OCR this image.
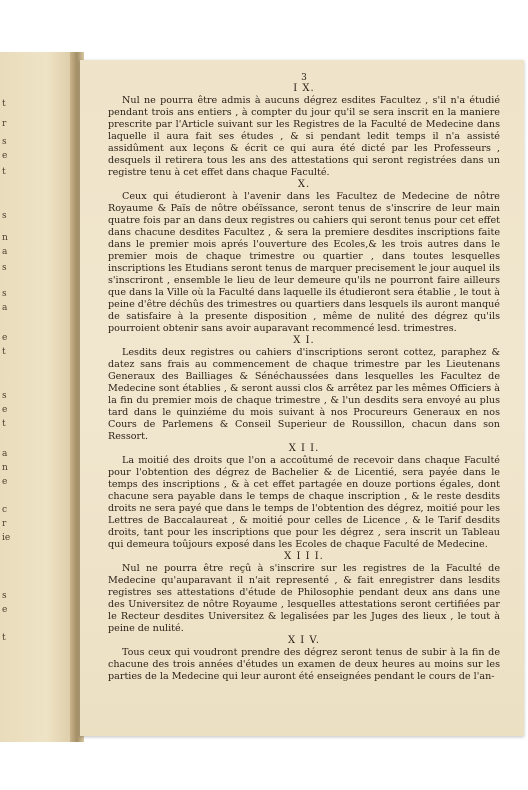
t
r
s
e
t
s
n
a
s
s
a
e
t
s
e
t
a
n
e
c
r
ie
s
e
t
3
I X.

Nul ne pourra être admis à aucuns dégrez esdites Facultez , s'il n'a étudié pendant trois ans entiers , à compter du jour qu'il se sera inscrit en la maniere prescrite par l'Article suivant sur les Registres de la Faculté de Medecine dans laquelle il aura fait ses études , & si pendant ledit temps il n'a assisté assidûment aux leçons & écrit ce qui aura été dicté par les Professeurs , desquels il retirera tous les ans des attestations qui seront registrées dans un registre tenu à cet effet dans chaque Faculté.

X.

Ceux qui étudieront à l'avenir dans les Facultez de Medecine de nôtre Royaume & Païs de nôtre obéïssance, seront tenus de s'inscrire de leur main quatre fois par an dans deux registres ou cahiers qui seront tenus pour cet effet dans chacune desdites Facultez , & sera la premiere desdites inscriptions faite dans le premier mois aprés l'ouverture des Ecoles,& les trois autres dans le premier mois de chaque trimestre ou quartier , dans toutes lesquelles inscriptions les Etudians seront tenus de marquer precisement le jour auquel ils s'inscriront , ensemble le lieu de leur demeure qu'ils ne pourront faire ailleurs que dans la Ville où la Faculté dans laquelle ils étudieront sera établie , le tout à peine d'être déchûs des trimestres ou quartiers dans lesquels ils auront manqué de satisfaire à la presente disposition , même de nulité des dégrez qu'ils pourroient obtenir sans avoir auparavant recommencé lesd. trimestres.

X I.

Lesdits deux registres ou cahiers d'inscriptions seront cottez, paraphez & datez sans frais au commencement de chaque trimestre par les Lieutenans Generaux des Bailliages & Sénéchaussées dans lesquelles les Facultez de Medecine sont établies , & seront aussi clos & arrêtez par les mêmes Officiers à la fin du premier mois de chaque trimestre , & l'un desdits sera envoyé au plus tard dans le quinziéme du mois suivant à nos Procureurs Generaux en nos Cours de Parlemens & Conseil Superieur de Roussillon, chacun dans son Ressort.

X I I.

La moitié des droits que l'on a accoûtumé de recevoir dans chaque Faculté pour l'obtention des dégrez de Bachelier & de Licentié, sera payée dans le temps des inscriptions , & à cet effet partagée en douze portions égales, dont chacune sera payable dans le temps de chaque inscription , & le reste desdits droits ne sera payé que dans le temps de l'obtention des dégrez, moitié pour les Lettres de Baccalaureat , & moitié pour celles de Licence , & le Tarif desdits droits, tant pour les inscriptions que pour les dégrez , sera inscrit un Tableau qui demeura toûjours exposé dans les Ecoles de chaque Faculté de Medecine.

X I I I.

Nul ne pourra être reçû à s'inscrire sur les registres de la Faculté de Medecine qu'auparavant il n'ait representé , & fait enregistrer dans lesdits registres ses attestations d'étude de Philosophie pendant deux ans dans une des Universitez de nôtre Royaume , lesquelles attestations seront certifiées par le Recteur desdites Universitez & legalisées par les Juges des lieux , le tout à peine de nulité.

X I V.

Tous ceux qui voudront prendre des dégrez seront tenus de subir à la fin de chacune des trois années d'études un examen de deux heures au moins sur les parties de la Medecine qui leur auront été enseignées pendant le cours de l'an-
